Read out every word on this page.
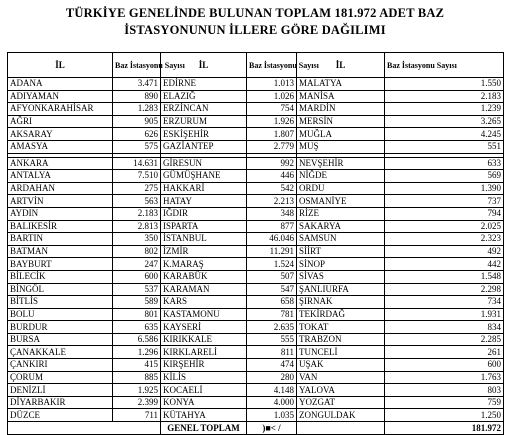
TÜRKİYE GENELİNDE BULUNAN TOPLAM 181.972 ADET BAZ
İSTASYONUNUN İLLERE GÖRE DAĞILIMI
İL	Baz İstasyonu Sayısı	İL	Baz İstasyonu Sayısı	İL	Baz İstasyonu Sayısı
ADANA	3.471	EDİRNE	1.013	MALATYA	1.550
ADIYAMAN	890	ELAZIĞ	1.026	MANİSA	2.183
AFYONKARAHİSAR	1.283	ERZİNCAN	754	MARDİN	1.239
AĞRI	905	ERZURUM	1.926	MERSİN	3.265
AKSARAY	626	ESKİŞEHİR	1.807	MUĞLA	4.245
AMASYA	575	GAZİANTEP	2.779	MUŞ	551

ANKARA	14.631	GİRESUN	992	NEVŞEHİR	633
ANTALYA	7.510	GÜMÜŞHANE	446	NİĞDE	569
ARDAHAN	275	HAKKARİ	542	ORDU	1.390
ARTVİN	563	HATAY	2.213	OSMANİYE	737
AYDIN	2.183	IĞDIR	348	RİZE	794
BALIKESİR	2.813	ISPARTA	877	SAKARYA	2.025
BARTIN	350	İSTANBUL	46.046	SAMSUN	2.323
BATMAN	802	İZMİR	11.291	SİİRT	492
BAYBURT	247	K.MARAŞ	1.524	SİNOP	442
BİLECİK	600	KARABÜK	507	SİVAS	1.548
BİNGÖL	537	KARAMAN	547	ŞANLIURFA	2.298
BİTLİS	589	KARS	658	ŞIRNAK	734
BOLU	801	KASTAMONU	781	TEKİRDAĞ	1.931
BURDUR	635	KAYSERİ	2.635	TOKAT	834
BURSA	6.586	KIRIKKALE	555	TRABZON	2.285
ÇANAKKALE	1.296	KIRKLARELİ	811	TUNCELİ	261
ÇANKIRI	415	KIRŞEHİR	474	UŞAK	600
ÇORUM	885	KİLİS	280	VAN	1.763
DENİZLİ	1.925	KOCAELİ	4.148	YALOVA	803
DİYARBAKIR	2.399	KONYA	4.000	YOZGAT	759
DÜZCE	711	KÜTAHYA	1.035	ZONGULDAK	1.250
		GENEL TOPLAM	)■< /		181.972
